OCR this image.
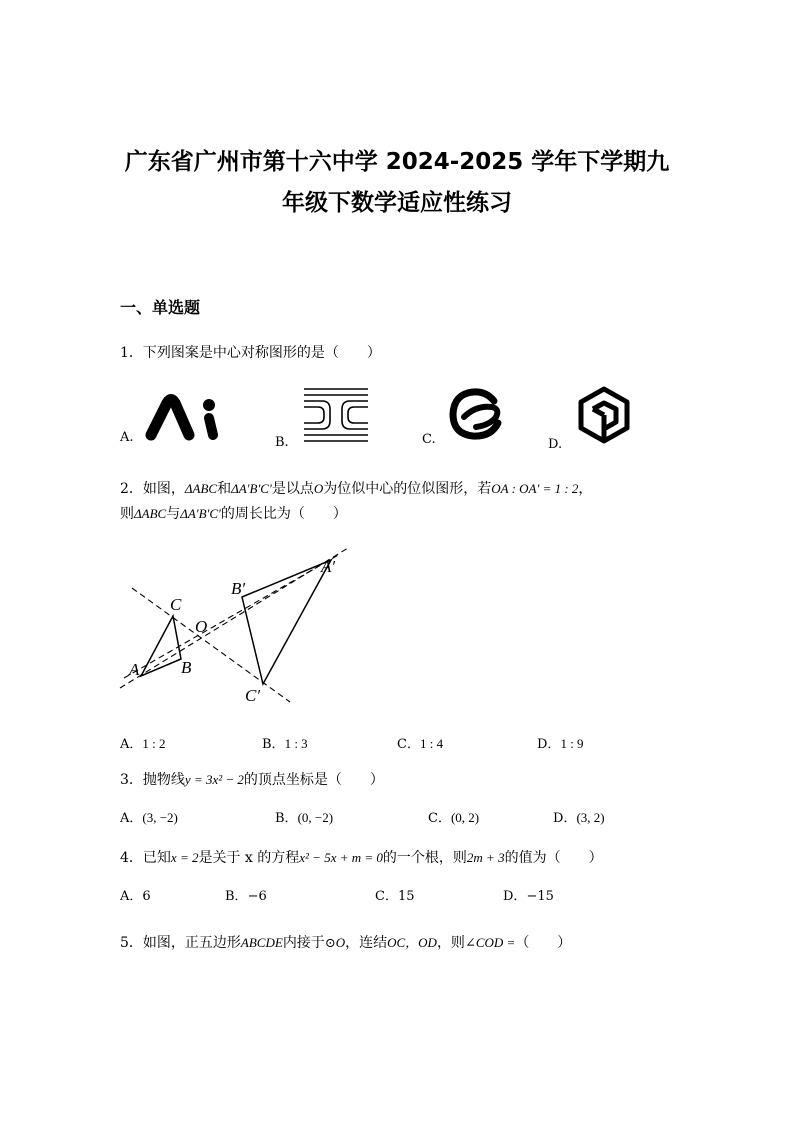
广东省广州市第十六中学 2024-2025 学年下学期九
年级下数学适应性练习
一、单选题
1．下列图案是中心对称图形的是（　　）
A.	B.	C.	D.
2．如图，ΔABC和ΔA′B′C′是以点O为位似中心的位似图形，若OA : OA′ = 1 : 2，
则ΔABC与ΔA′B′C′的周长比为（　　）
A B
C
O
A′
B′
C′
A．1 : 2	B．1 : 3	C．1 : 4	D．1 : 9
3．抛物线y = 3x² − 2的顶点坐标是（　　）
A．(3, −2)	B．(0, −2)	C．(0, 2)	D．(3, 2)
4．已知x = 2是关于 x 的方程x² − 5x + m = 0的一个根，则2m + 3的值为（　　）
A．6	B．−6	C．15	D．−15
5．如图，正五边形ABCDE内接于⊙O，连结OC，OD，则∠COD =（　　）
